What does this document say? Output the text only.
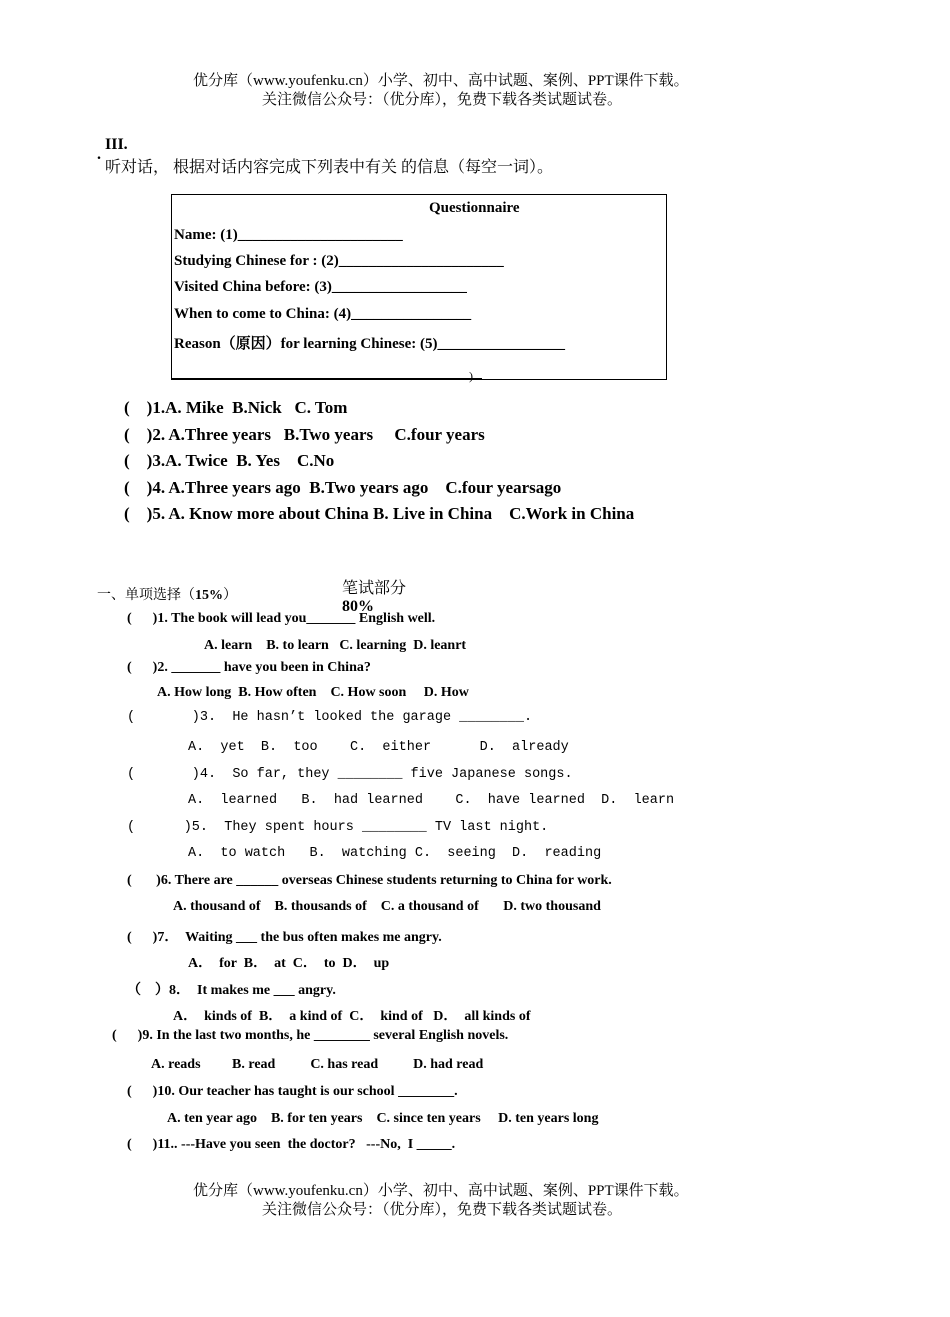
优分库（www.youfenku.cn）小学、初中、高中试题、案例、PPT课件下载。
关注微信公众号：（优分库），免费下载各类试题试卷。

III.
听对话， 根据对话内容完成下列表中有关 的信息（每空一词）。

.
Questionnaire
Name: (1)______________________
Studying Chinese for : (2)______________________
Visited China before: (3)__________________
When to come to China: (4)________________
Reason（原因）for learning Chinese: (5)_________________
)
(    )1.A. Mike  B.Nick   C. Tom
(    )2. A.Three years   B.Two years     C.four years
(    )3.A. Twice  B. Yes    C.No
(    )4. A.Three years ago  B.Two years ago    C.four yearsago
(    )5. A. Know more about China B. Live in China    C.Work in China

笔试部分
80%

一、单项选择（15%）
(      )1. The book will lead you_______ English well.
A. learn    B. to learn   C. learning  D. leanrt
(      )2. _______ have you been in China?
A. How long  B. How often    C. How soon     D. How
(       )3.  He hasn’t looked the garage ________.
A.  yet  B.  too    C.  either      D.  already
(       )4.  So far, they ________ five Japanese songs.
A.  learned   B.  had learned    C.  have learned  D.  learn
(      )5.  They spent hours ________ TV last night.
A.  to watch   B.  watching C.  seeing  D.  reading
(       )6. There are ______ overseas Chinese students returning to China for work.
A. thousand of    B. thousands of    C. a thousand of       D. two thousand
(      )7．  Waiting ___ the bus often makes me angry.
A．  for  B．  at  C．  to  D．  up
（    ）8．  It makes me ___ angry.
A．  kinds of  B．  a kind of  C．  kind of   D．  all kinds of
(      )9. In the last two months, he ________ several English novels.
A. reads         B. read          C. has read          D. had read
(      )10. Our teacher has taught is our school ________.
A. ten year ago    B. for ten years    C. since ten years     D. ten years long
(      )11.. ---Have you seen  the doctor?   ---No,  I _____.
优分库（www.youfenku.cn）小学、初中、高中试题、案例、PPT课件下载。
关注微信公众号：（优分库），免费下载各类试题试卷。
